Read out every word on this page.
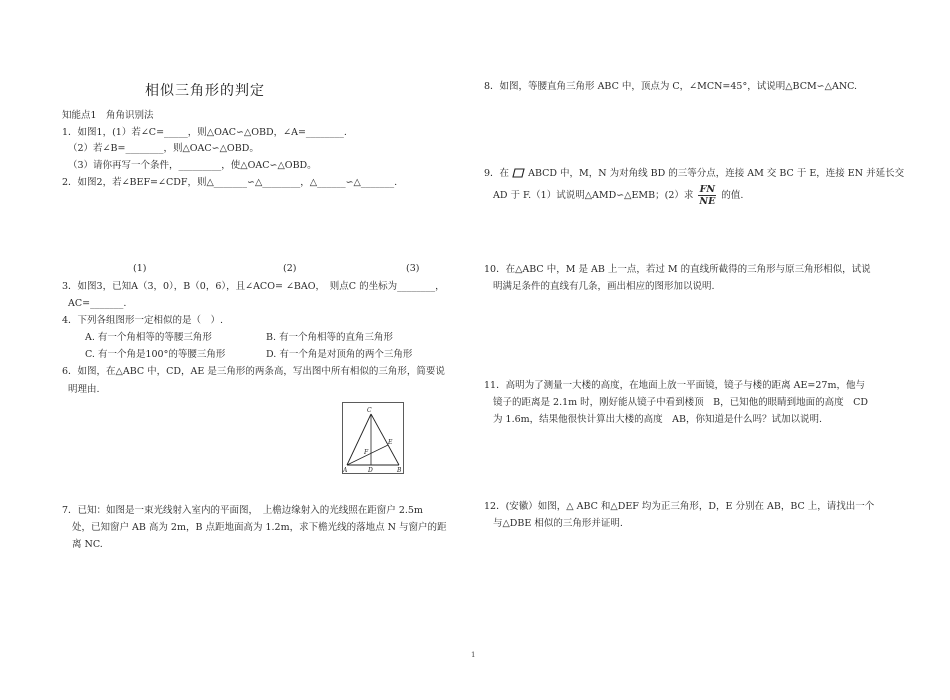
相似三角形的判定
知能点1　角角识别法
1．如图1，(1）若∠C=_____，则△OAC∽△OBD，∠A=________.
（2）若∠B=________，则△OAC∽△OBD。
（3）请你再写一个条件，_________，使△OAC∽△OBD。
2．如图2，若∠BEF=∠CDF，则△_______∽△________，△______∽△_______.
(1)	(2)	(3)
3．如图3，已知A（3，0），B（0，6），且∠ACO= ∠BAO，　则点C 的坐标为________，
AC=_______.
4．下列各组图形一定相似的是（　）.
A. 有一个角相等的等腰三角形	B. 有一个角相等的直角三角形
C. 有一个角是100°的等腰三角形	D. 有一个角是对顶角的两个三角形
6．如图，在△ABC 中，CD，AE 是三角形的两条高，写出图中所有相似的三角形，简要说
明理由.
C
E
F
A	D	B
7．已知：如图是一束光线射入室内的平面图，　上檐边缘射入的光线照在距窗户 2.5m
处，已知窗户 AB 高为 2m，B 点距地面高为 1.2m，求下檐光线的落地点 N 与窗户的距
离 NC.
8．如图，等腰直角三角形 ABC 中，顶点为 C，∠MCN=45°，试说明△BCM∽△ANC.
9．在 ABCD 中，M，N 为对角线 BD 的三等分点，连接 AM 交 BC 于 E，连接 EN 并延长交
AD 于 F.（1）试说明△AMD∽△EMB；(2）求 $\frac{FN}{NE}$ 的值.
10．在△ABC 中，M 是 AB 上一点，若过 M 的直线所截得的三角形与原三角形相似，试说
明满足条件的直线有几条，画出相应的图形加以说明.
11．高明为了测量一大楼的高度，在地面上放一平面镜，镜子与楼的距离 AE=27m，他与
镜子的距离是 2.1m 时，刚好能从镜子中看到楼顶　B，已知他的眼睛到地面的高度　CD
为 1.6m，结果他很快计算出大楼的高度　AB，你知道是什么吗？试加以说明.
12．(安徽）如图，△ ABC 和△DEF 均为正三角形，D，E 分别在 AB，BC 上，请找出一个
与△DBE 相似的三角形并证明.
1
